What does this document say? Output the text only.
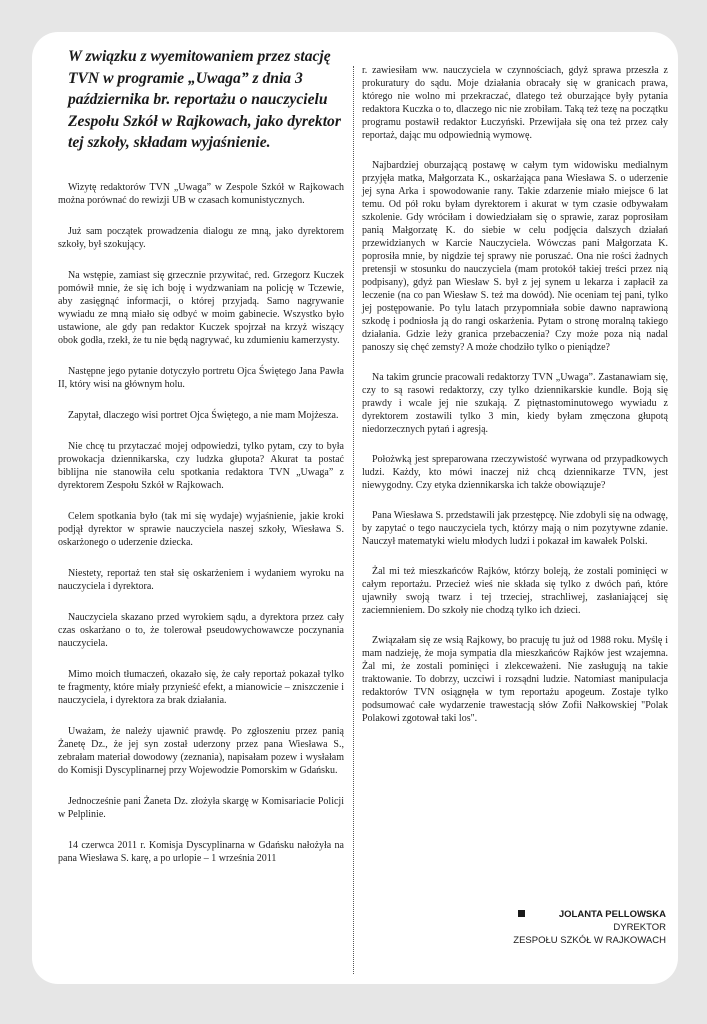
W związku z wyemitowaniem przez stację TVN w programie „Uwaga” z dnia 3 października br. reportażu o nauczycielu Zespołu Szkół w Rajkowach, jako dyrektor tej szkoły, składam wyjaśnienie.

Wizytę redaktorów TVN „Uwaga” w Zespole Szkół w Rajkowach można porównać do rewizji UB w czasach komunistycznych.

Już sam początek prowadzenia dialogu ze mną, jako dyrektorem szkoły, był szokujący.

Na wstępie, zamiast się grzecznie przywitać, red. Grzegorz Kuczek pomówił mnie, że się ich boję i wydzwaniam na policję w Tczewie, aby zasięgnąć informacji, o której przyjadą. Samo nagrywanie wywiadu ze mną miało się odbyć w moim gabinecie. Wszystko było ustawione, ale gdy pan redaktor Kuczek spojrzał na krzyż wiszący obok godła, rzekł, że tu nie będą nagrywać, ku zdumieniu kamerzysty.

Następne jego pytanie dotyczyło portretu Ojca Świętego Jana Pawła II, który wisi na głównym holu.

Zapytał, dlaczego wisi portret Ojca Świętego, a nie mam Mojżesza.

Nie chcę tu przytaczać mojej odpowiedzi, tylko pytam, czy to była prowokacja dziennikarska, czy ludzka głupota? Akurat ta postać biblijna nie stanowiła celu spotkania redaktora TVN „Uwaga” z dyrektorem Zespołu Szkół w Rajkowach.

Celem spotkania było (tak mi się wydaje) wyjaśnienie, jakie kroki podjął dyrektor w sprawie nauczyciela naszej szkoły, Wiesława S. oskarżonego o uderzenie dziecka.

Niestety, reportaż ten stał się oskarżeniem i wydaniem wyroku na nauczyciela i dyrektora.

Nauczyciela skazano przed wyrokiem sądu, a dyrektora przez cały czas oskarżano o to, że tolerował pseudowychowawcze poczynania nauczyciela.

Mimo moich tłumaczeń, okazało się, że cały reportaż pokazał tylko te fragmenty, które miały przynieść efekt, a mianowicie – zniszczenie i nauczyciela, i dyrektora za brak działania.

Uważam, że należy ujawnić prawdę. Po zgłoszeniu przez panią Żanetę Dz., że jej syn został uderzony przez pana Wiesława S., zebrałam materiał dowodowy (zeznania), napisałam pozew i wysłałam do Komisji Dyscyplinarnej przy Wojewodzie Pomorskim w Gdańsku.

Jednocześnie pani Żaneta Dz. złożyła skargę w Komisariacie Policji w Pelplinie.

14 czerwca 2011 r. Komisja Dyscyplinarna w Gdańsku nałożyła na pana Wiesława S. karę, a po urlopie – 1 września 2011

r. zawiesiłam ww. nauczyciela w czynnościach, gdyż sprawa przeszła z prokuratury do sądu. Moje działania obracały się w granicach prawa, którego nie wolno mi przekraczać, dlatego też oburzające były pytania redaktora Kuczka o to, dlaczego nic nie zrobiłam. Taką też tezę na początku programu postawił redaktor Łuczyński. Przewijała się ona też przez cały reportaż, dając mu odpowiednią wymowę.

Najbardziej oburzającą postawę w całym tym widowisku medialnym przyjęła matka, Małgorzata K., oskarżająca pana Wiesława S. o uderzenie jej syna Arka i spowodowanie rany. Takie zdarzenie miało miejsce 6 lat temu. Od pół roku byłam dyrektorem i akurat w tym czasie odbywałam szkolenie. Gdy wróciłam i dowiedziałam się o sprawie, zaraz poprosiłam panią Małgorzatę K. do siebie w celu podjęcia dalszych działań przewidzianych w Karcie Nauczyciela. Wówczas pani Małgorzata K. poprosiła mnie, by nigdzie tej sprawy nie poruszać. Ona nie rości żadnych pretensji w stosunku do nauczyciela (mam protokół takiej treści przez nią podpisany), gdyż pan Wiesław S. był z jej synem u lekarza i zapłacił za leczenie (na co pan Wiesław S. też ma dowód). Nie oceniam tej pani, tylko jej postępowanie. Po tylu latach przypomniała sobie dawno naprawioną szkodę i podniosła ją do rangi oskarżenia. Pytam o stronę moralną takiego działania. Gdzie leży granica przebaczenia? Czy może poza nią nadal panoszy się chęć zemsty? A może chodziło tylko o pieniądze?

Na takim gruncie pracowali redaktorzy TVN „Uwaga”. Zastanawiam się, czy to są rasowi redaktorzy, czy tylko dziennikarskie kundle. Boją się prawdy i wcale jej nie szukają. Z piętnastominutowego wywiadu z dyrektorem zostawili tylko 3 min, kiedy byłam zmęczona głupotą niedorzecznych pytań i agresją.

Położwką jest spreparowana rzeczywistość wyrwana od przypadkowych ludzi. Każdy, kto mówi inaczej niż chcą dziennikarze TVN, jest niewygodny. Czy etyka dziennikarska ich także obowiązuje?

Pana Wiesława S. przedstawili jak przestępcę. Nie zdobyli się na odwagę, by zapytać o tego nauczyciela tych, którzy mają o nim pozytywne zdanie. Nauczył matematyki wielu młodych ludzi i pokazał im kawałek Polski.

Żal mi też mieszkańców Rajków, którzy boleją, że zostali pominięci w całym reportażu. Przecież wieś nie składa się tylko z dwóch pań, które ujawniły swoją twarz i tej trzeciej, strachliwej, zasłaniającej się zaciemnieniem. Do szkoły nie chodzą tylko ich dzieci.

Związałam się ze wsią Rajkowy, bo pracuję tu już od 1988 roku. Myślę i mam nadzieję, że moja sympatia dla mieszkańców Rajków jest wzajemna. Żal mi, że zostali pominięci i zlekceważeni. Nie zasługują na takie traktowanie. To dobrzy, uczciwi i rozsądni ludzie. Natomiast manipulacja redaktorów TVN osiągnęła w tym reportażu apogeum. Zostaje tylko podsumować całe wydarzenie trawestacją słów Zofii Nałkowskiej "Polak Polakowi zgotował taki los".

JOLANTA PELLOWSKA
DYREKTOR
ZESPOŁU SZKÓŁ W RAJKOWACH
